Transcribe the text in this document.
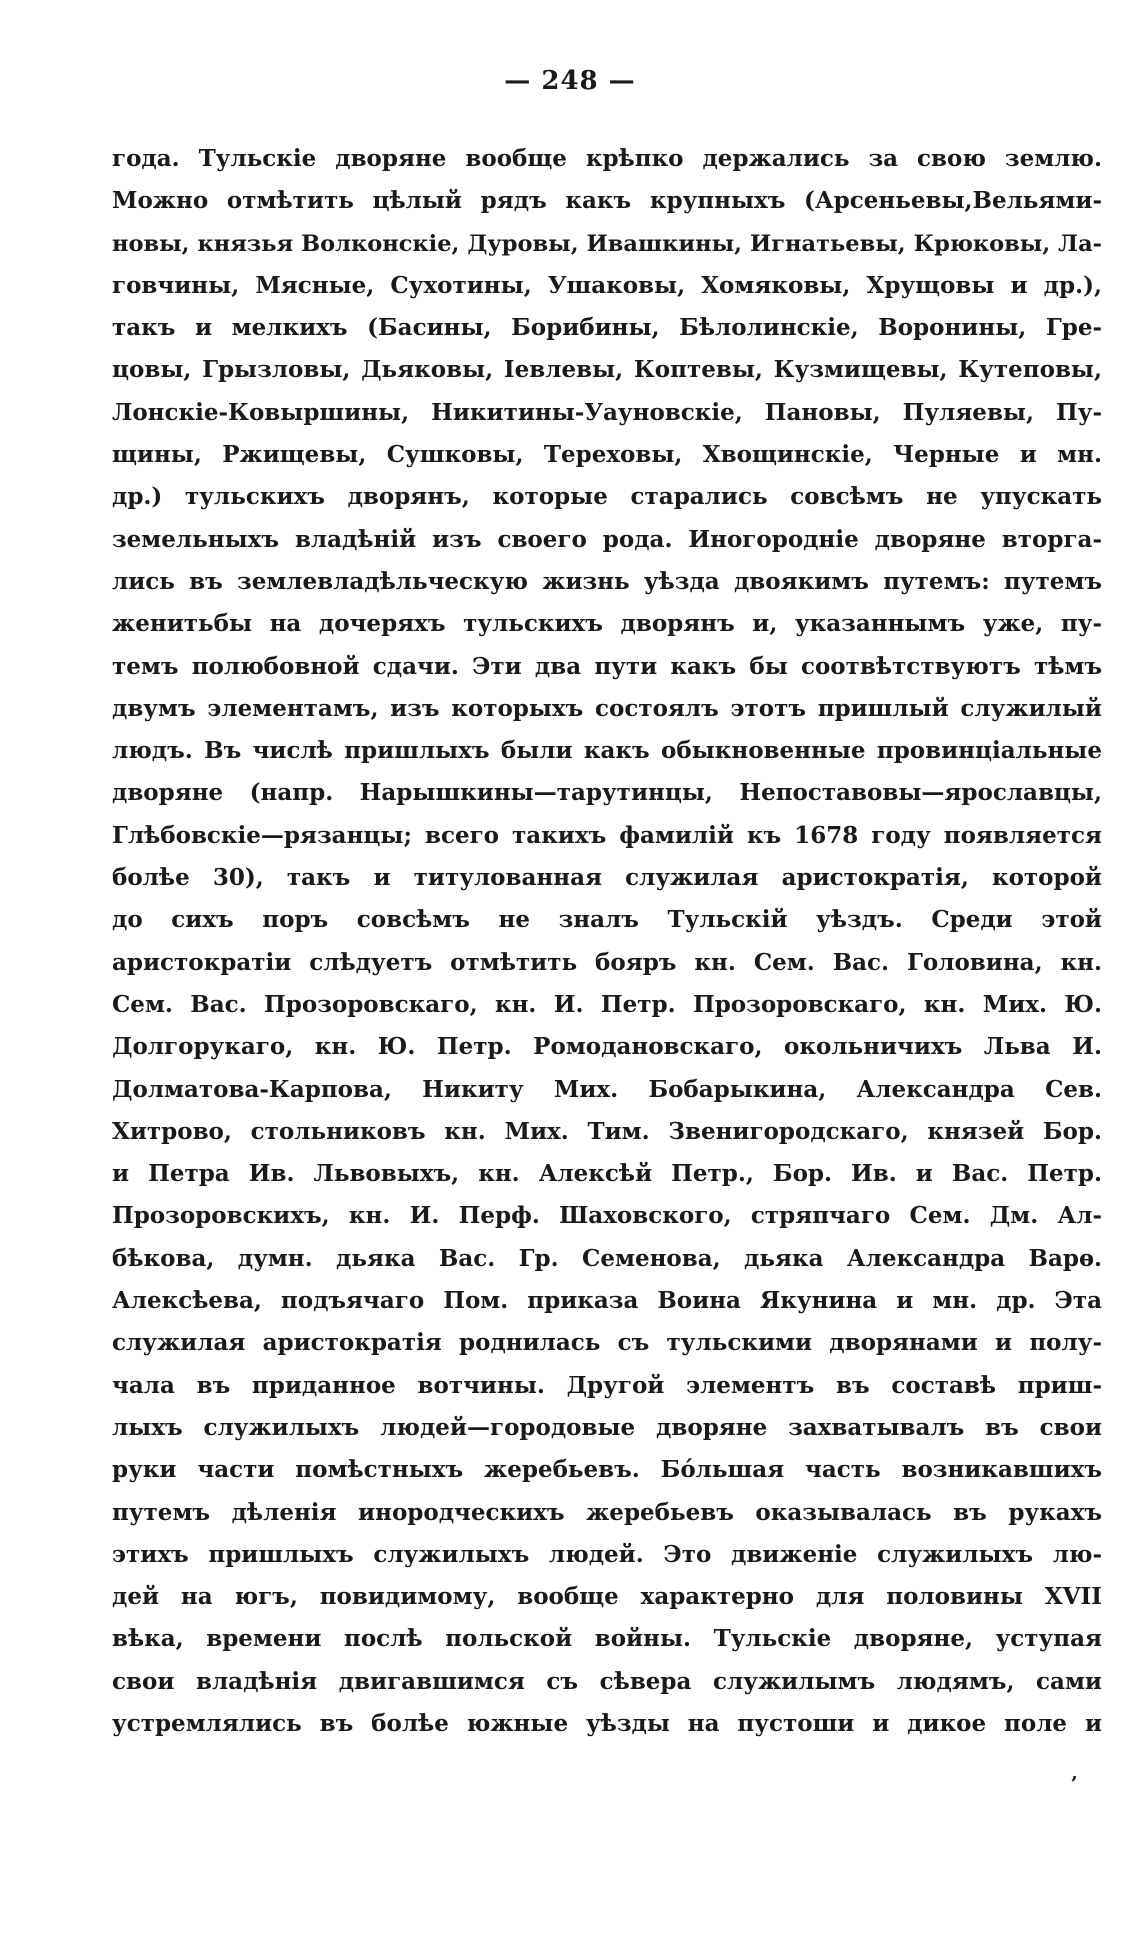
— 248 —
года. Тульскіе дворяне вообще крѣпко держались за свою землю.
Можно отмѣтить цѣлый рядъ какъ крупныхъ (Арсеньевы,Вельями-
новы, князья Волконскіе, Дуровы, Ивашкины, Игнатьевы, Крюковы, Ла-
говчины, Мясные, Сухотины, Ушаковы, Хомяковы, Хрущовы и др.),
такъ и мелкихъ (Басины, Борибины, Бѣлолинскіе, Воронины, Гре-
цовы, Грызловы, Дьяковы, Іевлевы, Коптевы, Кузмищевы, Кутеповы,
Лонскіе-Ковыршины, Никитины-Уауновскіе, Пановы, Пуляевы, Пу-
щины, Ржищевы, Сушковы, Тереховы, Хвощинскіе, Черные и мн.
др.) тульскихъ дворянъ, которые старались совсѣмъ не упускать
земельныхъ владѣній изъ своего рода. Иногородніе дворяне вторга-
лись въ землевладѣльческую жизнь уѣзда двоякимъ путемъ: путемъ
женитьбы на дочеряхъ тульскихъ дворянъ и, указаннымъ уже, пу-
темъ полюбовной сдачи. Эти два пути какъ бы соотвѣтствуютъ тѣмъ
двумъ элементамъ, изъ которыхъ состоялъ этотъ пришлый служилый
людъ. Въ числѣ пришлыхъ были какъ обыкновенные провинціальные
дворяне (напр. Нарышкины—тарутинцы, Непоставовы—ярославцы,
Глѣбовскіе—рязанцы; всего такихъ фамилій къ 1678 году появляется
болѣе 30), такъ и титулованная служилая аристократія, которой
до сихъ поръ совсѣмъ не зналъ Тульскій уѣздъ. Среди этой
аристократіи слѣдуетъ отмѣтить бояръ кн. Сем. Вас. Головина, кн.
Сем. Вас. Прозоровскаго, кн. И. Петр. Прозоровскаго, кн. Мих. Ю.
Долгорукаго, кн. Ю. Петр. Ромодановскаго, окольничихъ Льва И.
Долматова-Карпова, Никиту Мих. Бобарыкина, Александра Сев.
Хитрово, стольниковъ кн. Мих. Тим. Звенигородскаго, князей Бор.
и Петра Ив. Львовыхъ, кн. Алексѣй Петр., Бор. Ив. и Вас. Петр.
Прозоровскихъ, кн. И. Перф. Шаховского, стряпчаго Сем. Дм. Ал-
бѣкова, думн. дьяка Вас. Гр. Семенова, дьяка Александра Варѳ.
Алексѣева, подъячаго Пом. приказа Воина Якунина и мн. др. Эта
служилая аристократія роднилась съ тульскими дворянами и полу-
чала въ приданное вотчины. Другой элементъ въ составѣ приш-
лыхъ служилыхъ людей—городовые дворяне захватывалъ въ свои
руки части помѣстныхъ жеребьевъ. Бо́льшая часть возникавшихъ
путемъ дѣленія инородческихъ жеребьевъ оказывалась въ рукахъ
этихъ пришлыхъ служилыхъ людей. Это движеніе служилыхъ лю-
дей на югъ, повидимому, вообще характерно для половины XVII
вѣка, времени послѣ польской войны. Тульскіе дворяне, уступая
свои владѣнія двигавшимся съ сѣвера служилымъ людямъ, сами
устремлялись въ болѣе южные уѣзды на пустоши и дикое поле и
‚
